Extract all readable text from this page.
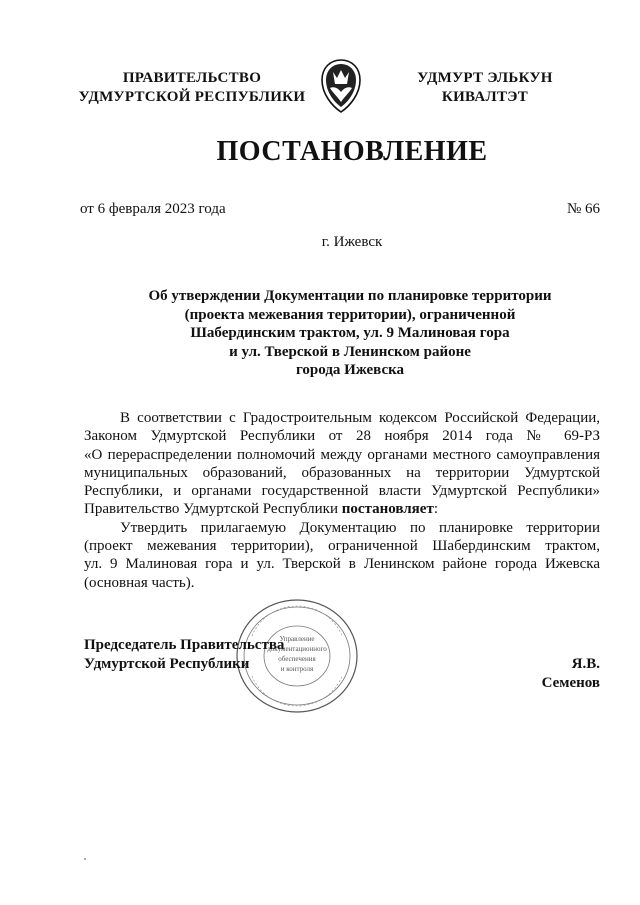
ПРАВИТЕЛЬСТВО
УДМУРТСКОЙ РЕСПУБЛИКИ
УДМУРТ ЭЛЬКУН
КИВАЛТЭТ
ПОСТАНОВЛЕНИЕ
от 6 февраля 2023 года	№ 66
г. Ижевск
Об утверждении Документации по планировке территории
(проекта межевания территории), ограниченной
Шабердинским трактом, ул. 9 Малиновая гора
и ул. Тверской в Ленинском районе
города Ижевска
В соответствии с Градостроительным кодексом Российской Федерации,
Законом Удмуртской Республики от 28 ноября 2014 года № 69-РЗ
«О перераспределении полномочий между органами местного самоуправления
муниципальных образований, образованных на территории Удмуртской
Республики, и органами государственной власти Удмуртской Республики»
Правительство Удмуртской Республики постановляет:
Утвердить прилагаемую Документацию по планировке территории
(проект межевания территории), ограниченной Шабердинским трактом,
ул. 9 Малиновая гора и ул. Тверской в Ленинском районе города Ижевска
(основная часть).
Управление
документационного
обеспечения
и контроля
Председатель Правительства
Удмуртской Республики	Я.В. Семенов
